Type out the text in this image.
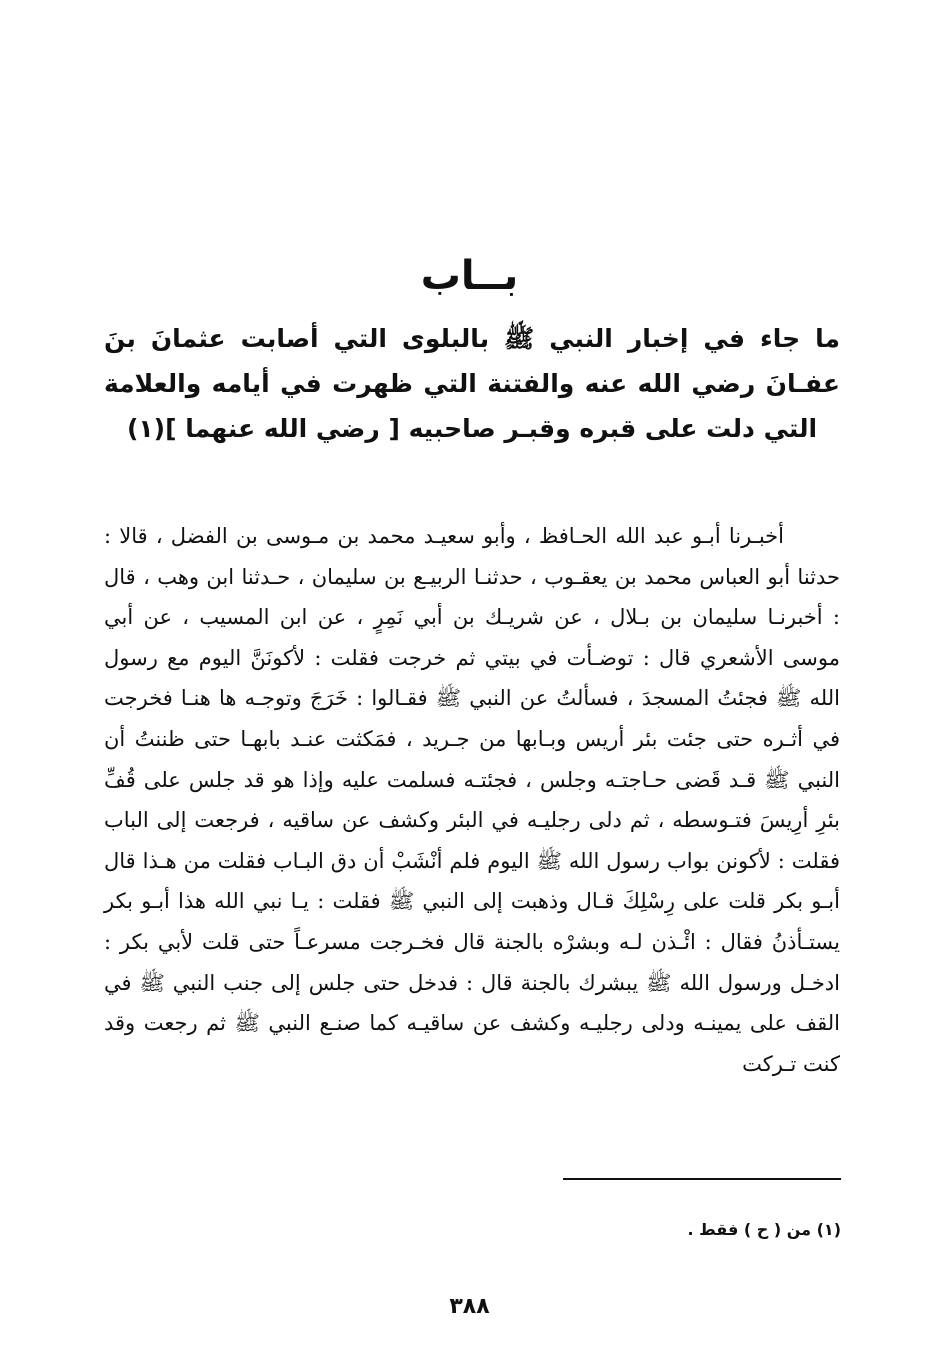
بــاب
ما جاء في إخبار النبي ﷺ بالبلوى التي أصابت عثمانَ بنَ عفـانَ رضي الله عنه والفتنة التي ظهرت في أيامه والعلامة التي دلت على قبره وقبـر صاحبيه [ رضي الله عنهما ](١)

أخبـرنا أبـو عبد الله الحـافظ ، وأبو سعيـد محمد بن مـوسى بن الفضل ، قالا : حدثنا أبو العباس محمد بن يعقـوب ، حدثنـا الربيـع بن سليمان ، حـدثنا ابن وهب ، قال : أخبرنـا سليمان بن بـلال ، عن شريـك بن أبي نَمِرٍ ، عن ابن المسيب ، عن أبي موسى الأشعري قال : توضـأت في بيتي ثم خرجت فقلت : لأكونَنَّ اليوم مع رسول الله ﷺ فجئتُ المسجدَ ، فسألتُ عن النبي ﷺ فقـالوا : خَرَجَ وتوجـه ها هنـا فخرجت في أثـره حتى جئت بئر أريس وبـابها من جـريد ، فمَكثت عنـد بابهـا حتى ظننتُ أن النبي ﷺ قـد قَضى حـاجتـه وجلس ، فجئتـه فسلمت عليه وإذا هو قد جلس على قُفِّ بئرِ أرِيسَ فتـوسطه ، ثم دلى رجليـه في البئر وكشف عن ساقيه ، فرجعت إلى الباب فقلت : لأكونن بواب رسول الله ﷺ اليوم فلم أنْشَبْ أن دق البـاب فقلت من هـذا قال أبـو بكر قلت على رِسْلِكَ قـال وذهبت إلى النبي ﷺ فقلت : يـا نبي الله هذا أبـو بكر يستـأذنُ فقال : ائْـذن لـه وبشرْه بالجنة قال فخـرجت مسرعـاً حتى قلت لأبي بكر : ادخـل ورسول الله ﷺ يبشرك بالجنة قال : فدخل حتى جلس إلى جنب النبي ﷺ في القف على يمينـه ودلى رجليـه وكشف عن ساقيـه كما صنـع النبي ﷺ ثم رجعت وقد كنت تـركت

(١) من ( ح ) فقط .

٣٨٨
